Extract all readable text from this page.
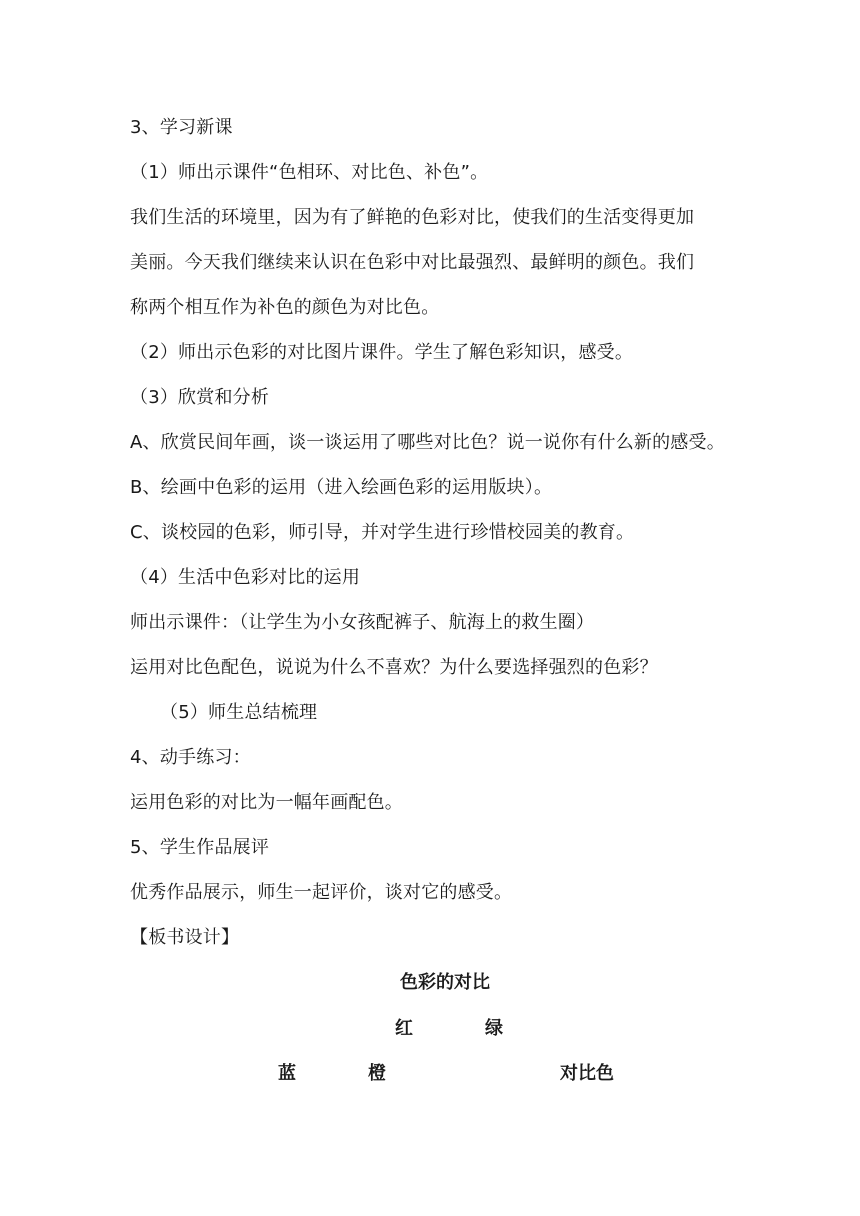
3、学习新课
（1）师出示课件“色相环、对比色、补色”。
我们生活的环境里，因为有了鲜艳的色彩对比，使我们的生活变得更加
美丽。今天我们继续来认识在色彩中对比最强烈、最鲜明的颜色。我们
称两个相互作为补色的颜色为对比色。
（2）师出示色彩的对比图片课件。学生了解色彩知识，感受。
（3）欣赏和分析
A、欣赏民间年画，谈一谈运用了哪些对比色？说一说你有什么新的感受。
B、绘画中色彩的运用（进入绘画色彩的运用版块）。
C、谈校园的色彩，师引导，并对学生进行珍惜校园美的教育。
（4）生活中色彩对比的运用
师出示课件：（让学生为小女孩配裤子、航海上的救生圈）
运用对比色配色，说说为什么不喜欢？为什么要选择强烈的色彩？
（5）师生总结梳理
4、动手练习：
运用色彩的对比为一幅年画配色。
5、学生作品展评
优秀作品展示，师生一起评价，谈对它的感受。
【板书设计】
色彩的对比
红	绿
蓝	橙	对比色
